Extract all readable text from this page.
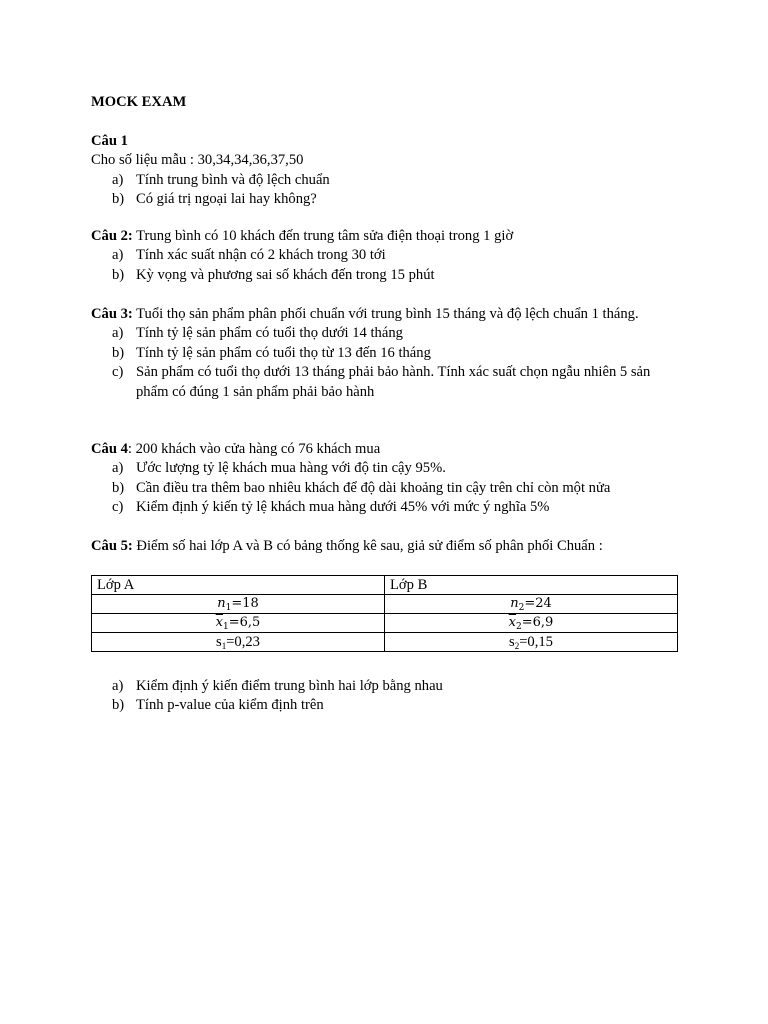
MOCK EXAM
Câu 1
Cho số liệu mẫu : 30,34,34,36,37,50
a) Tính trung bình và độ lệch chuẩn
b) Có giá trị ngoại lai hay không?
Câu 2: Trung bình có 10 khách đến trung tâm sửa điện thoại trong 1 giờ
a) Tính xác suất nhận có 2 khách trong 30 tới
b) Kỳ vọng và phương sai số khách đến trong 15 phút
Câu 3: Tuổi thọ sản phẩm phân phối chuẩn với trung bình 15 tháng và độ lệch chuẩn 1 tháng.
a) Tính tỷ lệ sản phẩm có tuổi thọ dưới 14 tháng
b) Tính tỷ lệ sản phẩm có tuổi thọ từ 13 đến 16 tháng
c) Sản phẩm có tuổi thọ dưới 13 tháng phải bảo hành. Tính xác suất chọn ngẫu nhiên 5 sản phẩm có đúng 1 sản phẩm phải bảo hành
Câu 4: 200 khách vào cửa hàng có 76 khách mua
a) Ước lượng tỷ lệ khách mua hàng với độ tin cậy 95%.
b) Cần điều tra thêm bao nhiêu khách để độ dài khoảng tin cậy trên chỉ còn một nửa
c) Kiểm định ý kiến tỷ lệ khách mua hàng dưới 45% với mức ý nghĩa 5%
Câu 5: Điểm số hai lớp A và B có bảng thống kê sau, giả sử điểm số phân phối Chuẩn :
Lớp A	Lớp B
$n_1=18$	$n_2=24$
$\overline{x}_1=6,5$	$\overline{x}_2=6,9$
$s_1=0,23$	$s_2=0,15$
a) Kiểm định ý kiến điểm trung bình hai lớp bằng nhau
b) Tính p-value của kiểm định trên
